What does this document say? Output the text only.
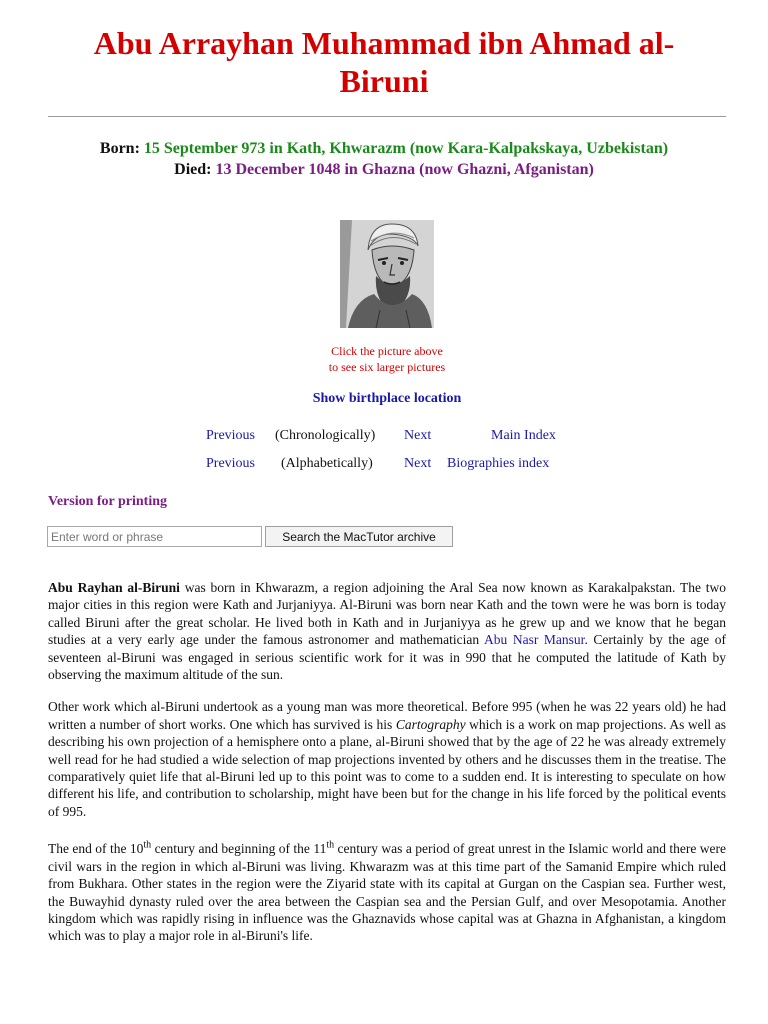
Abu Arrayhan Muhammad ibn Ahmad al-Biruni
Born: 15 September 973 in Kath, Khwarazm (now Kara-Kalpakskaya, Uzbekistan)
Died: 13 December 1048 in Ghazna (now Ghazni, Afganistan)
Click the picture above
to see six larger pictures
Show birthplace location
Previous (Chronologically) Next	Main Index
Previous (Alphabetically) Next Biographies index
Version for printing
Enter word or phrase
Search the MacTutor archive

Abu Rayhan al-Biruni was born in Khwarazm, a region adjoining the Aral Sea now known as Karakalpakstan. The two major cities in this region were Kath and Jurjaniyya. Al-Biruni was born near Kath and the town were he was born is today called Biruni after the great scholar. He lived both in Kath and in Jurjaniyya as he grew up and we know that he began studies at a very early age under the famous astronomer and mathematician Abu Nasr Mansur. Certainly by the age of seventeen al-Biruni was engaged in serious scientific work for it was in 990 that he computed the latitude of Kath by observing the maximum altitude of the sun.

Other work which al-Biruni undertook as a young man was more theoretical. Before 995 (when he was 22 years old) he had written a number of short works. One which has survived is his Cartography which is a work on map projections. As well as describing his own projection of a hemisphere onto a plane, al-Biruni showed that by the age of 22 he was already extremely well read for he had studied a wide selection of map projections invented by others and he discusses them in the treatise. The comparatively quiet life that al-Biruni led up to this point was to come to a sudden end. It is interesting to speculate on how different his life, and contribution to scholarship, might have been but for the change in his life forced by the political events of 995.

The end of the 10th century and beginning of the 11th century was a period of great unrest in the Islamic world and there were civil wars in the region in which al-Biruni was living. Khwarazm was at this time part of the Samanid Empire which ruled from Bukhara. Other states in the region were the Ziyarid state with its capital at Gurgan on the Caspian sea. Further west, the Buwayhid dynasty ruled over the area between the Caspian sea and the Persian Gulf, and over Mesopotamia. Another kingdom which was rapidly rising in influence was the Ghaznavids whose capital was at Ghazna in Afghanistan, a kingdom which was to play a major role in al-Biruni's life.
